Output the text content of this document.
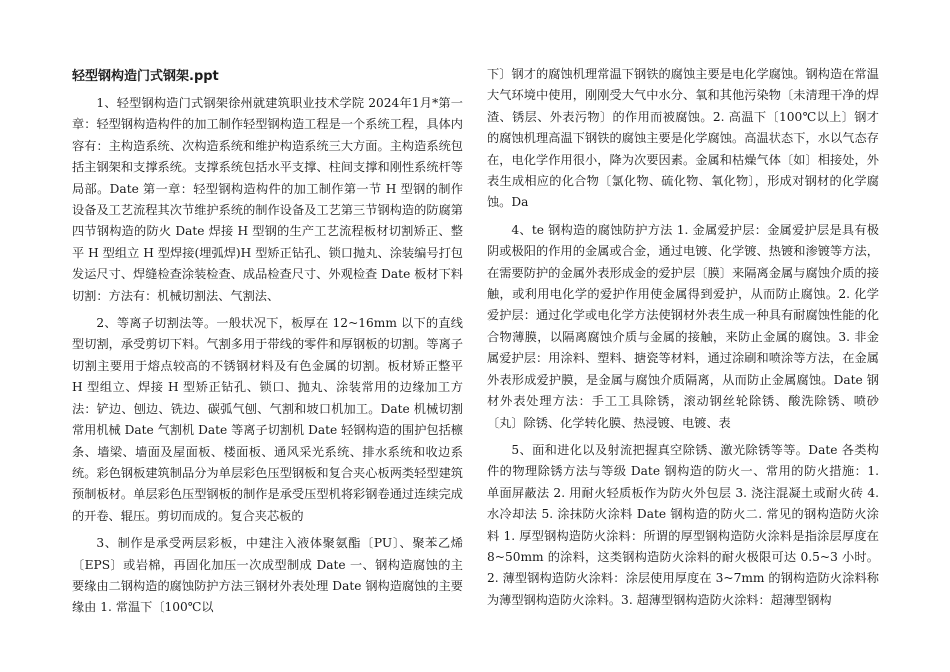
轻型钢构造门式钢架.ppt

1、轻型钢构造门式钢架徐州就建筑职业技术学院 2024年1月*第一章：轻型钢构造构件的加工制作轻型钢构造工程是一个系统工程，具体内容有：主构造系统、次构造系统和维护构造系统三大方面。主构造系统包括主钢架和支撑系统。支撑系统包括水平支撑、柱间支撑和刚性系统杆等局部。Date 第一章：轻型钢构造构件的加工制作第一节 H 型钢的制作设备及工艺流程其次节维护系统的制作设备及工艺第三节钢构造的防腐第四节钢构造的防火 Date 焊接 H 型钢的生产工艺流程板材切割矫正、整平 H 型组立 H 型焊接(埋弧焊)H 型矫正钻孔、锁口抛丸、涂装编号打包发运尺寸、焊缝检查涂装检查、成品检查尺寸、外观检查 Date 板材下料切割：方法有：机械切割法、气割法、

2、等离子切割法等。一般状况下，板厚在 12~16mm 以下的直线型切割，承受剪切下料。气割多用于带线的零件和厚钢板的切割。等离子切割主要用于熔点较高的不锈钢材料及有色金属的切割。板材矫正整平 H 型组立、焊接 H 型矫正钻孔、锁口、抛丸、涂装常用的边缘加工方法：铲边、刨边、铣边、碳弧气刨、气割和坡口机加工。Date 机械切割常用机械 Date 气割机 Date 等离子切割机 Date 轻钢构造的围护包括檩条、墙梁、墙面及屋面板、楼面板、通风采光系统、排水系统和收边系统。彩色钢板建筑制品分为单层彩色压型钢板和复合夹心板两类轻型建筑预制板材。单层彩色压型钢板的制作是承受压型机将彩钢卷通过连续完成的开卷、辊压。剪切而成的。复合夹芯板的

3、制作是承受两层彩板，中建注入液体聚氨酯〔PU〕、聚苯乙烯〔EPS〕或岩棉，再固化加压一次成型制成 Date 一、钢构造腐蚀的主要缘由二钢构造的腐蚀防护方法三钢材外表处理 Date 钢构造腐蚀的主要缘由 1. 常温下〔100℃以

下〕钢才的腐蚀机理常温下钢铁的腐蚀主要是电化学腐蚀。钢构造在常温大气环境中使用，刚刚受大气中水分、氧和其他污染物〔未清理干净的焊渣、锈层、外表污物〕的作用而被腐蚀。2. 高温下〔100℃以上〕钢才的腐蚀机理高温下钢铁的腐蚀主要是化学腐蚀。高温状态下，水以气态存在，电化学作用很小，降为次要因素。金属和枯燥气体〔如〕相接处，外表生成相应的化合物〔氯化物、硫化物、氧化物〕，形成对钢材的化学腐蚀。Da

4、te 钢构造的腐蚀防护方法 1. 金属爱护层：金属爱护层是具有极阴或极阳的作用的金属或合金，通过电镀、化学镀、热镀和渗镀等方法，在需要防护的金属外表形成金的爱护层〔膜〕来隔离金属与腐蚀介质的接触，或利用电化学的爱护作用使金属得到爱护，从而防止腐蚀。2. 化学爱护层：通过化学或电化学方法使钢材外表生成一种具有耐腐蚀性能的化合物薄膜，以隔离腐蚀介质与金属的接触，来防止金属的腐蚀。3. 非金属爱护层：用涂料、塑料、搪瓷等材料，通过涂刷和喷涂等方法，在金属外表形成爱护膜，是金属与腐蚀介质隔离，从而防止金属腐蚀。Date 钢材外表处理方法：手工工具除锈，滚动钢丝轮除锈、酸洗除锈、喷砂〔丸〕除锈、化学转化膜、热浸镀、电镀、表

5、面和进化以及射流把握真空除锈、激光除锈等等。Date 各类构件的物理除锈方法与等级 Date 钢构造的防火一、常用的防火措施：1. 单面屏蔽法 2. 用耐火轻质板作为防火外包层 3. 浇注混凝土或耐火砖 4. 水冷却法 5. 涂抹防火涂料 Date 钢构造的防火二. 常见的钢构造防火涂料 1. 厚型钢构造防火涂料：所谓的厚型钢构造防火涂料是指涂层厚度在 8~50mm 的涂料，这类钢构造防火涂料的耐火极限可达 0.5~3 小时。2. 薄型钢构造防火涂料：涂层使用厚度在 3~7mm 的钢构造防火涂料称为薄型钢构造防火涂料。3. 超薄型钢构造防火涂料：超薄型钢构
